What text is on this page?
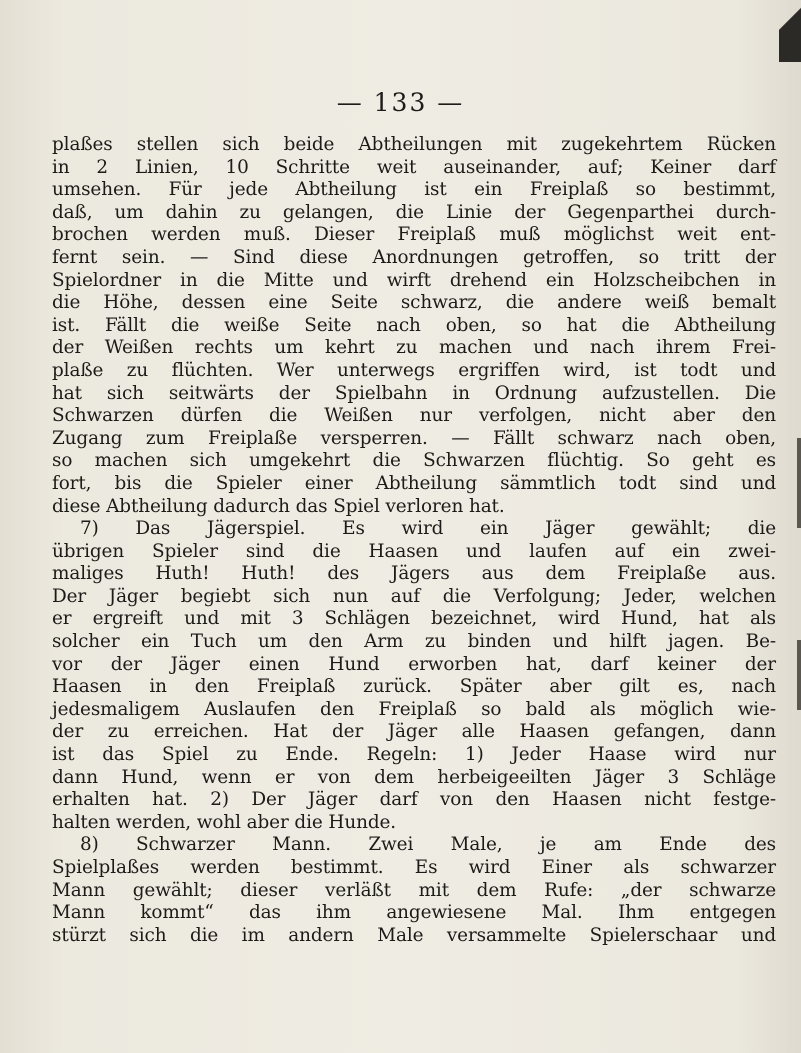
— 133 —
plaßes stellen sich beide Abtheilungen mit zugekehrtem Rücken
in 2 Linien, 10 Schritte weit auseinander, auf; Keiner darf
umsehen. Für jede Abtheilung ist ein Freiplaß so bestimmt,
daß, um dahin zu gelangen, die Linie der Gegenparthei durch-
brochen werden muß. Dieser Freiplaß muß möglichst weit ent-
fernt sein. — Sind diese Anordnungen getroffen, so tritt der
Spielordner in die Mitte und wirft drehend ein Holzscheibchen in
die Höhe, dessen eine Seite schwarz, die andere weiß bemalt
ist. Fällt die weiße Seite nach oben, so hat die Abtheilung
der Weißen rechts um kehrt zu machen und nach ihrem Frei-
plaße zu flüchten. Wer unterwegs ergriffen wird, ist todt und
hat sich seitwärts der Spielbahn in Ordnung aufzustellen. Die
Schwarzen dürfen die Weißen nur verfolgen, nicht aber den
Zugang zum Freiplaße versperren. — Fällt schwarz nach oben,
so machen sich umgekehrt die Schwarzen flüchtig. So geht es
fort, bis die Spieler einer Abtheilung sämmtlich todt sind und
diese Abtheilung dadurch das Spiel verloren hat.
7) Das Jägerspiel. Es wird ein Jäger gewählt; die
übrigen Spieler sind die Haasen und laufen auf ein zwei-
maliges Huth! Huth! des Jägers aus dem Freiplaße aus.
Der Jäger begiebt sich nun auf die Verfolgung; Jeder, welchen
er ergreift und mit 3 Schlägen bezeichnet, wird Hund, hat als
solcher ein Tuch um den Arm zu binden und hilft jagen. Be-
vor der Jäger einen Hund erworben hat, darf keiner der
Haasen in den Freiplaß zurück. Später aber gilt es, nach
jedesmaligem Auslaufen den Freiplaß so bald als möglich wie-
der zu erreichen. Hat der Jäger alle Haasen gefangen, dann
ist das Spiel zu Ende. Regeln: 1) Jeder Haase wird nur
dann Hund, wenn er von dem herbeigeeilten Jäger 3 Schläge
erhalten hat. 2) Der Jäger darf von den Haasen nicht festge-
halten werden, wohl aber die Hunde.
8) Schwarzer Mann. Zwei Male, je am Ende des
Spielplaßes werden bestimmt. Es wird Einer als schwarzer
Mann gewählt; dieser verläßt mit dem Rufe: „der schwarze
Mann kommt“ das ihm angewiesene Mal. Ihm entgegen
stürzt sich die im andern Male versammelte Spielerschaar und
